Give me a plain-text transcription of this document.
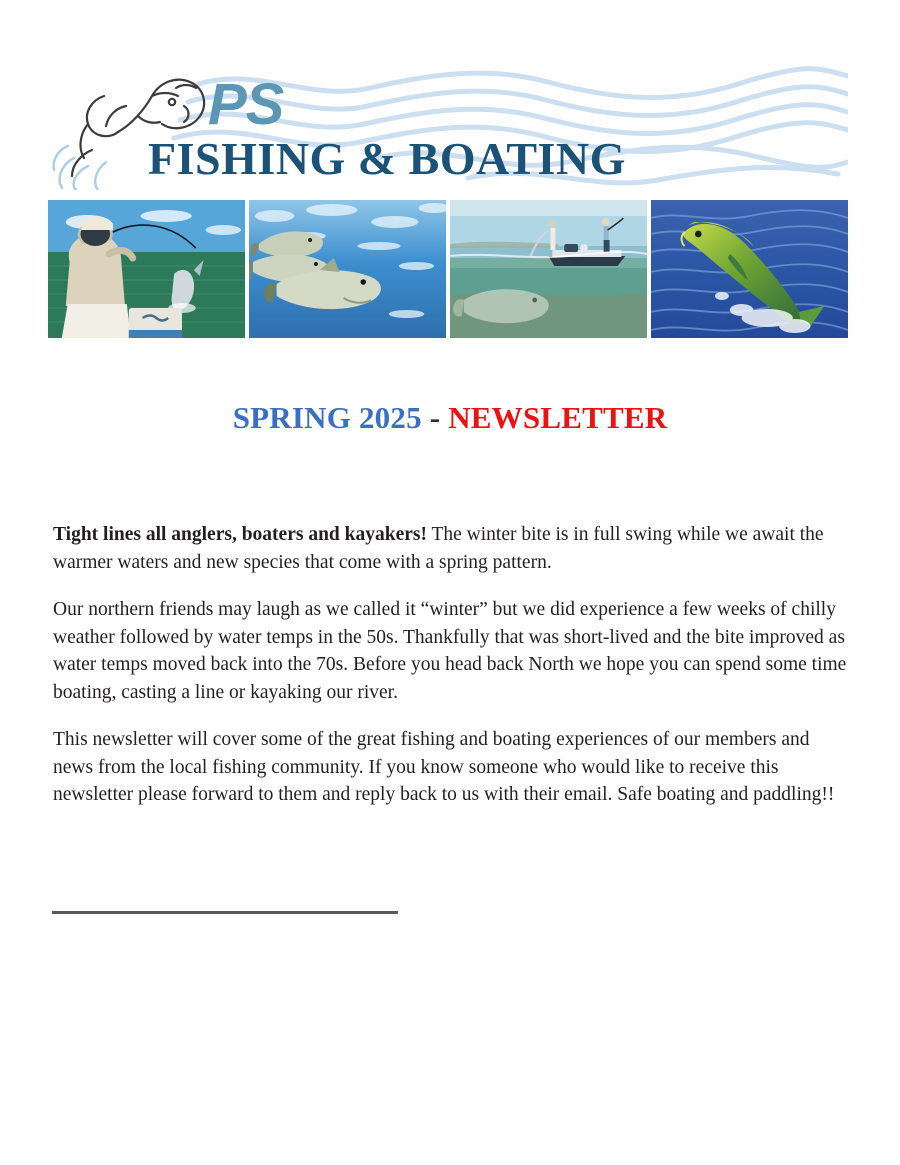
PS
FISHING & BOATING
SPRING 2025 - NEWSLETTER

Tight lines all anglers, boaters and kayakers! The winter bite is in full swing while we await the warmer waters and new species that come with a spring pattern.

Our northern friends may laugh as we called it “winter” but we did experience a few weeks of chilly weather followed by water temps in the 50s. Thankfully that was short-lived and the bite improved as water temps moved back into the 70s. Before you head back North we hope you can spend some time boating, casting a line or kayaking our river.

This newsletter will cover some of the great fishing and boating experiences of our members and news from the local fishing community. If you know someone who would like to receive this newsletter please forward to them and reply back to us with their email. Safe boating and paddling!!
